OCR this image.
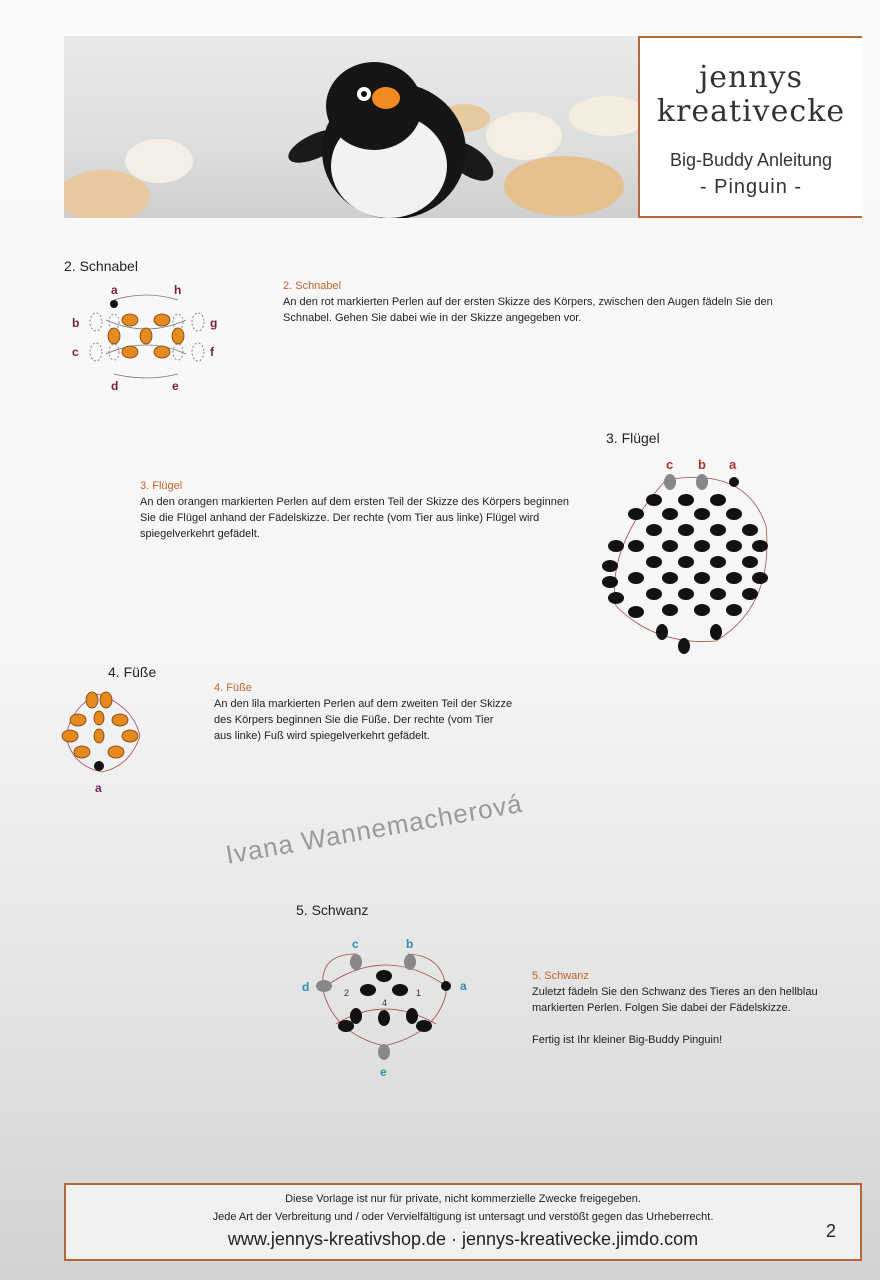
jennys
kreativecke
Big-Buddy Anleitung
- Pinguin -
2. Schnabel
a	h
b	g
c	f
d	e
2. Schnabel
An den rot markierten Perlen auf der ersten Skizze des Körpers, zwischen den Augen fädeln Sie den Schnabel. Gehen Sie dabei wie in der Skizze angegeben vor.
3. Flügel
3. Flügel
An den orangen markierten Perlen auf dem ersten Teil der Skizze des Körpers beginnen Sie die Flügel anhand der Fädelskizze. Der rechte (vom Tier aus linke) Flügel wird spiegelverkehrt gefädelt.
c b a
4. Füße
a
4. Füße
An den lila markierten Perlen auf dem zweiten Teil der Skizze des Körpers beginnen Sie die Füße. Der rechte (vom Tier aus linke) Fuß wird spiegelverkehrt gefädelt.
Ivana Wannemacherová
5. Schwanz
2	1
4
c	b
d	a
e
5. Schwanz
Zuletzt fädeln Sie den Schwanz des Tieres an den hellblau markierten Perlen. Folgen Sie dabei der Fädelskizze.
Fertig ist Ihr kleiner Big-Buddy Pinguin!
Diese Vorlage ist nur für private, nicht kommerzielle Zwecke freigegeben.
Jede Art der Verbreitung und / oder Vervielfältigung ist untersagt und verstößt gegen das Urheberrecht.
www.jennys-kreativshop.de · jennys-kreativecke.jimdo.com	2
